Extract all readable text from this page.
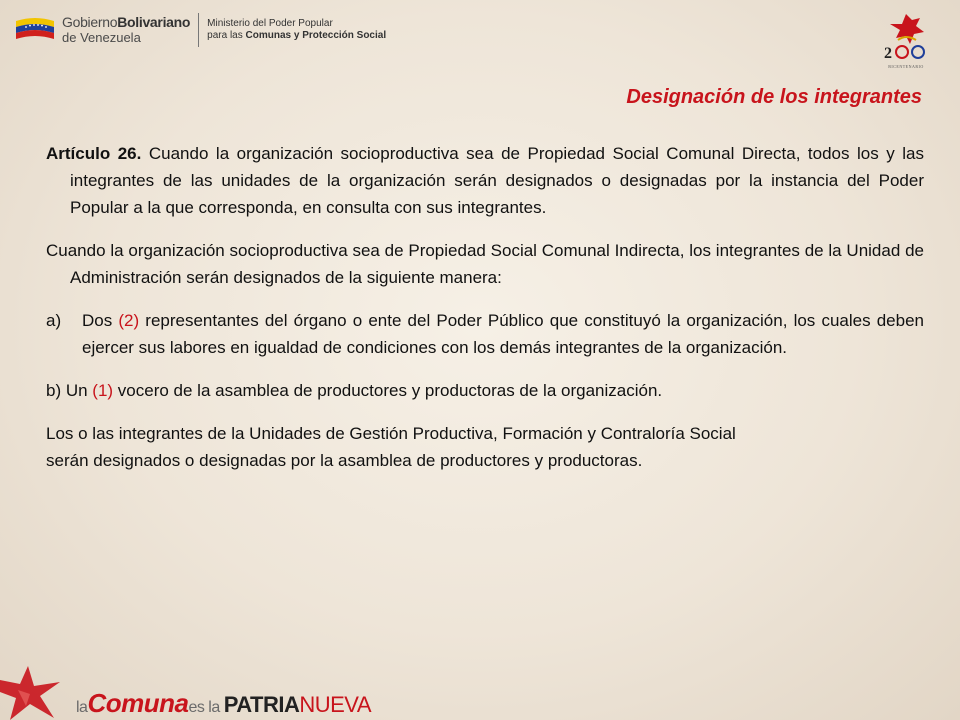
GobiernoBolivariano
de Venezuela
Ministerio del Poder Popular
para las Comunas y Protección Social
2
BICENTENARIO
Designación de los integrantes

Artículo 26. Cuando la organización socioproductiva sea de Propiedad Social Comunal Directa, todos los y las integrantes de las unidades de la organización serán designados o designadas por la instancia del Poder Popular a la que corresponda, en consulta con sus integrantes.

Cuando la organización socioproductiva sea de Propiedad Social Comunal Indirecta, los integrantes de la Unidad de Administración serán designados de la siguiente manera:

a)	Dos (2) representantes del órgano o ente del Poder Público que constituyó la organización, los cuales deben ejercer sus labores en igualdad de condiciones con los demás integrantes de la organización.

b) Un (1) vocero de la asamblea de productores y productoras de la organización.

Los o las integrantes de la Unidades de Gestión Productiva, Formación y Contraloría Social serán designados o designadas por la asamblea de productores y productoras.

laComunaes la PATRIANUEVA
